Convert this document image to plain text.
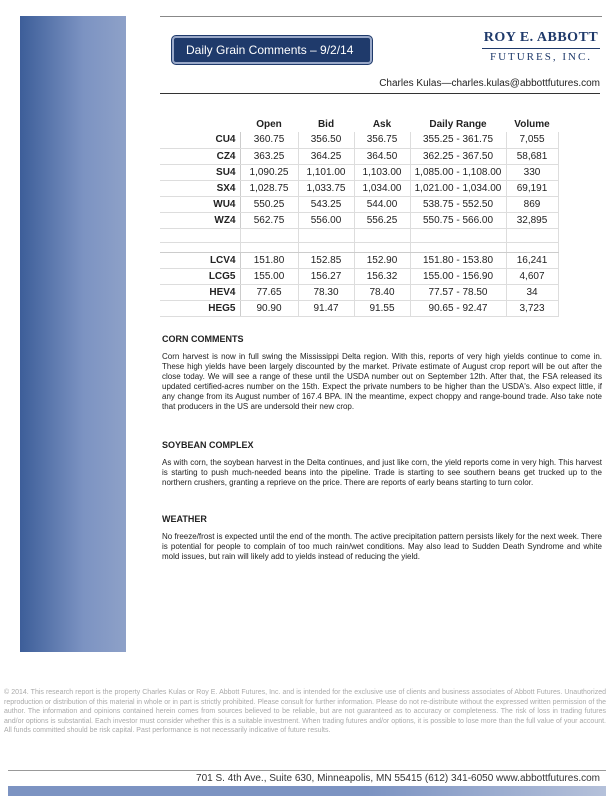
Daily Grain Comments – 9/2/14
ROY E. ABBOTT
FUTURES, INC.
Charles Kulas—charles.kulas@abbottfutures.com
	Open	Bid	Ask	Daily Range	Volume
CU4	360.75	356.50	356.75	355.25 - 361.75	7,055
CZ4	363.25	364.25	364.50	362.25 - 367.50	58,681
SU4	1,090.25	1,101.00	1,103.00	1,085.00 - 1,108.00	330
SX4	1,028.75	1,033.75	1,034.00	1,021.00 - 1,034.00	69,191
WU4	550.25	543.25	544.00	538.75 - 552.50	869
WZ4	562.75	556.00	556.25	550.75 - 566.00	32,895

LCV4	151.80	152.85	152.90	151.80 - 153.80	16,241
LCG5	155.00	156.27	156.32	155.00 - 156.90	4,607
HEV4	77.65	78.30	78.40	77.57 - 78.50	34
HEG5	90.90	91.47	91.55	90.65 - 92.47	3,723
CORN COMMENTS
Corn harvest is now in full swing the Mississippi Delta region. With this, reports of very high yields continue to come in. These high yields have been largely discounted by the market. Private estimate of August crop report will be out after the close today. We will see a range of these until the USDA number out on September 12th. After that, the FSA released its updated certified-acres number on the 15th. Expect the private numbers to be higher than the USDA's. Also expect little, if any change from its August number of 167.4 BPA. IN the meantime, expect choppy and range-bound trade. Also take note that producers in the US are undersold their new crop.
SOYBEAN COMPLEX
As with corn, the soybean harvest in the Delta continues, and just like corn, the yield reports come in very high. This harvest is starting to push much-needed beans into the pipeline. Trade is starting to see southern beans get trucked up to the northern crushers, granting a reprieve on the price. There are reports of early beans starting to turn color.
WEATHER
No freeze/frost is expected until the end of the month. The active precipitation pattern persists likely for the next week. There is potential for people to complain of too much rain/wet conditions. May also lead to Sudden Death Syndrome and white mold issues, but rain will likely add to yields instead of reducing the yield.
© 2014. This research report is the property Charles Kulas or Roy E. Abbott Futures, Inc. and is intended for the exclusive use of clients and business associates of Abbott Futures. Unauthorized reproduction or distribution of this material in whole or in part is strictly prohibited. Please consult for further information. Please do not re-distribute without the expressed written permission of the author. The information and opinions contained herein comes from sources believed to be reliable, but are not guaranteed as to accuracy or completeness. The risk of loss in trading futures and/or options is substantial. Each investor must consider whether this is a suitable investment. When trading futures and/or options, it is possible to lose more than the full value of your account. All funds committed should be risk capital. Past performance is not necessarily indicative of future results.
701 S. 4th Ave., Suite 630, Minneapolis, MN 55415 (612) 341-6050 www.abbottfutures.com
